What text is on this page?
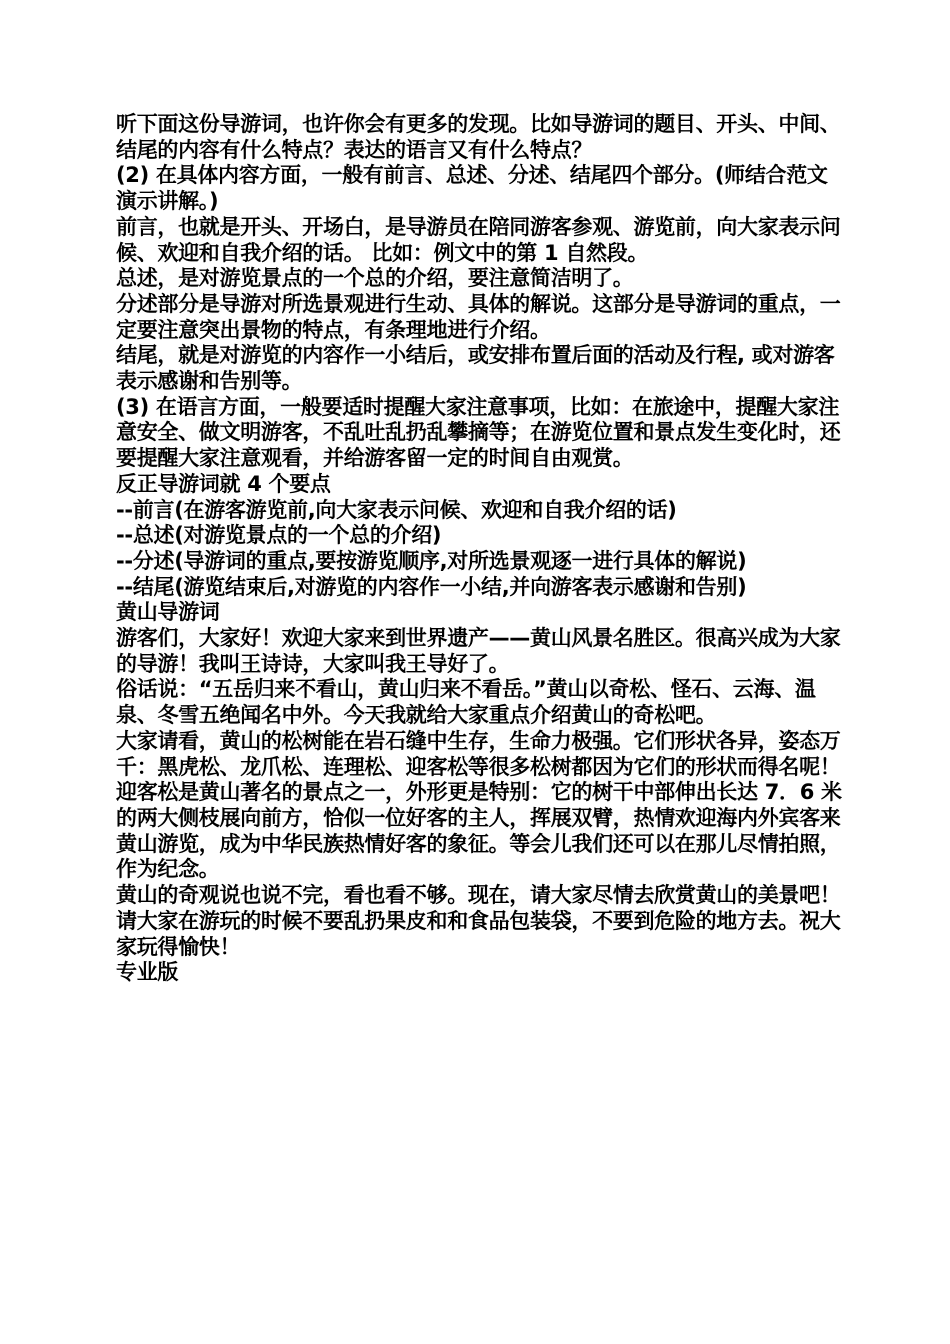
听下面这份导游词，也许你会有更多的发现。比如导游词的题目、开头、中间、结尾的内容有什么特点？表达的语言又有什么特点？

(2) 在具体内容方面，一般有前言、总述、分述、结尾四个部分。(师结合范文演示讲解。)

前言，也就是开头、开场白，是导游员在陪同游客参观、游览前，向大家表示问候、欢迎和自我介绍的话。 比如：例文中的第 1 自然段。

总述，是对游览景点的一个总的介绍，要注意简洁明了。

分述部分是导游对所选景观进行生动、具体的解说。这部分是导游词的重点，一定要注意突出景物的特点，有条理地进行介绍。

结尾，就是对游览的内容作一小结后，或安排布置后面的活动及行程, 或对游客表示感谢和告别等。

(3) 在语言方面，一般要适时提醒大家注意事项，比如：在旅途中，提醒大家注意安全、做文明游客，不乱吐乱扔乱攀摘等；在游览位置和景点发生变化时，还要提醒大家注意观看，并给游客留一定的时间自由观赏。

反正导游词就 4 个要点

--前言(在游客游览前,向大家表示问候、欢迎和自我介绍的话)

--总述(对游览景点的一个总的介绍)

--分述(导游词的重点,要按游览顺序,对所选景观逐一进行具体的解说)

--结尾(游览结束后,对游览的内容作一小结,并向游客表示感谢和告别)

黄山导游词

游客们，大家好！欢迎大家来到世界遗产——黄山风景名胜区。很高兴成为大家的导游！我叫王诗诗，大家叫我王导好了。

俗话说：“五岳归来不看山，黄山归来不看岳。”黄山以奇松、怪石、云海、温泉、冬雪五绝闻名中外。今天我就给大家重点介绍黄山的奇松吧。

大家请看，黄山的松树能在岩石缝中生存，生命力极强。它们形状各异，姿态万千：黑虎松、龙爪松、连理松、迎客松等很多松树都因为它们的形状而得名呢！ 迎客松是黄山著名的景点之一，外形更是特别：它的树干中部伸出长达 7．6 米的两大侧枝展向前方，恰似一位好客的主人，挥展双臂，热情欢迎海内外宾客来黄山游览，成为中华民族热情好客的象征。等会儿我们还可以在那儿尽情拍照，作为纪念。

黄山的奇观说也说不完，看也看不够。现在，请大家尽情去欣赏黄山的美景吧！请大家在游玩的时候不要乱扔果皮和和食品包装袋，不要到危险的地方去。祝大家玩得愉快！

专业版
